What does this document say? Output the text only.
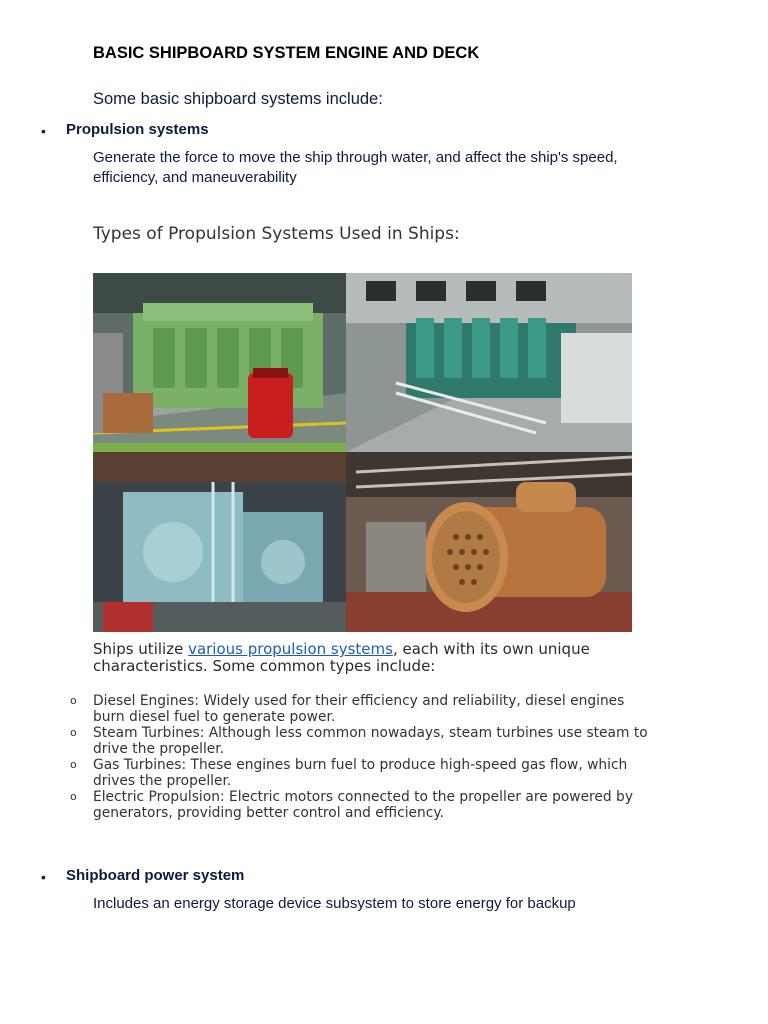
BASIC SHIPBOARD SYSTEM ENGINE AND DECK
Some basic shipboard systems include:
• Propulsion systems
Generate the force to move the ship through water, and affect the ship's speed,
efficiency, and maneuverability
Types of Propulsion Systems Used in Ships:
Ships utilize various propulsion systems, each with its own unique characteristics. Some common types include:
o Diesel Engines: Widely used for their efficiency and reliability, diesel engines
burn diesel fuel to generate power.
o Steam Turbines: Although less common nowadays, steam turbines use steam to
drive the propeller.
o Gas Turbines: These engines burn fuel to produce high-speed gas flow, which
drives the propeller.
o Electric Propulsion: Electric motors connected to the propeller are powered by
generators, providing better control and efficiency.
• Shipboard power system
Includes an energy storage device subsystem to store energy for backup
